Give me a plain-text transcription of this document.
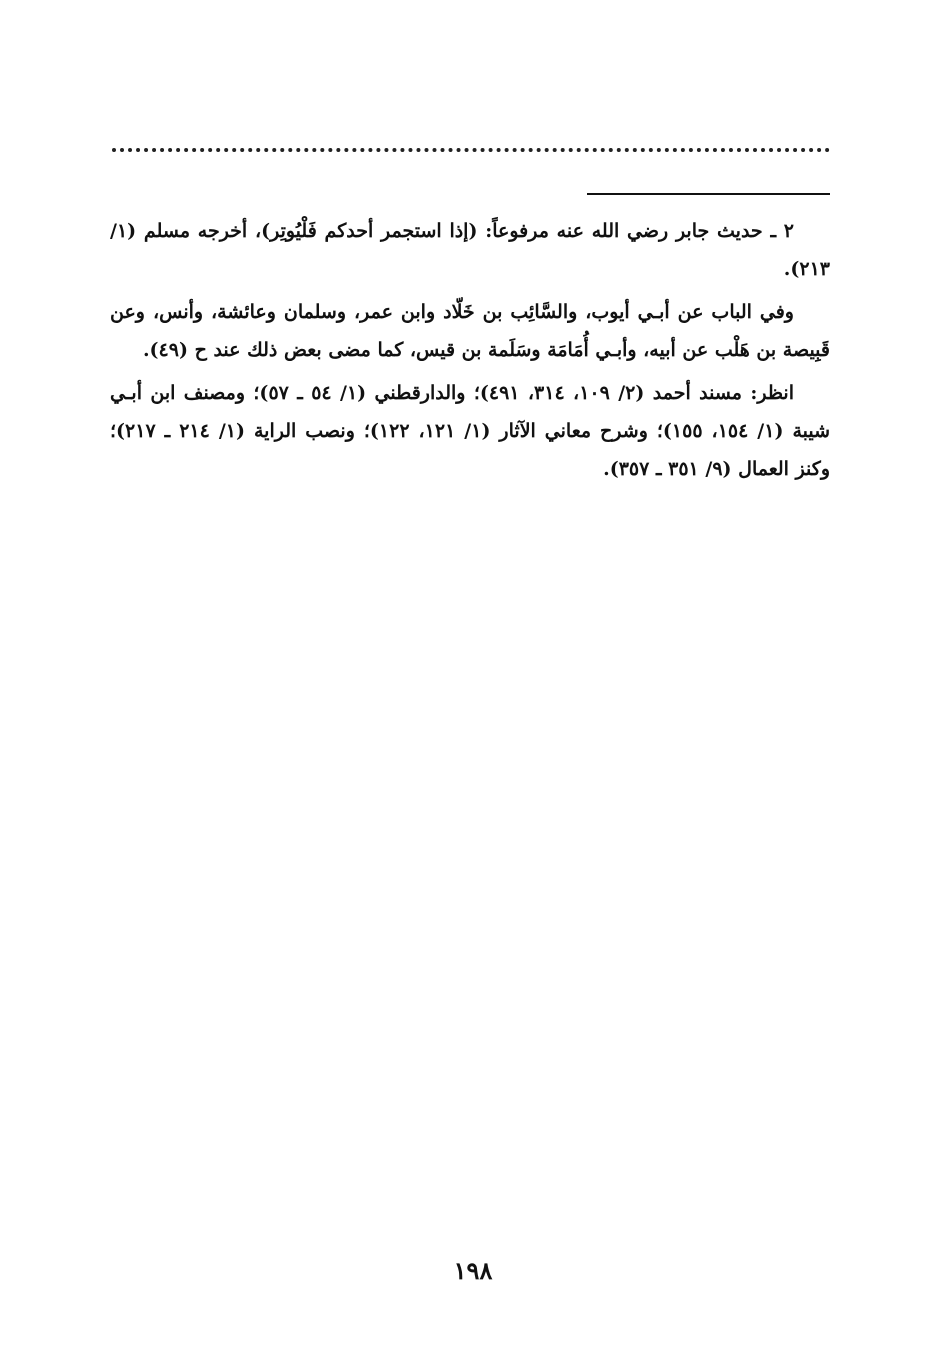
٢ ـ حديث جابر رضي الله عنه مرفوعاً: (إذا استجمر أحدكم فَلْيُوتِر)، أخرجه مسلم (١/ ٢١٣).

وفي الباب عن أبـي أيوب، والسَّائِب بن خَلّاد وابن عمر، وسلمان وعائشة، وأنس، وعن قَبِيصة بن هَلْب عن أبيه، وأبـي أُمَامَة وسَلَمة بن قيس، كما مضى بعض ذلك عند ح (٤٩).

انظر: مسند أحمد (٢/ ١٠٩، ٣١٤، ٤٩١)؛ والدارقطني (١/ ٥٤ ـ ٥٧)؛ ومصنف ابن أبـي شيبة (١/ ١٥٤، ١٥٥)؛ وشرح معاني الآثار (١/ ١٢١، ١٢٢)؛ ونصب الراية (١/ ٢١٤ ـ ٢١٧)؛ وكنز العمال (٩/ ٣٥١ ـ ٣٥٧).

١٩٨
